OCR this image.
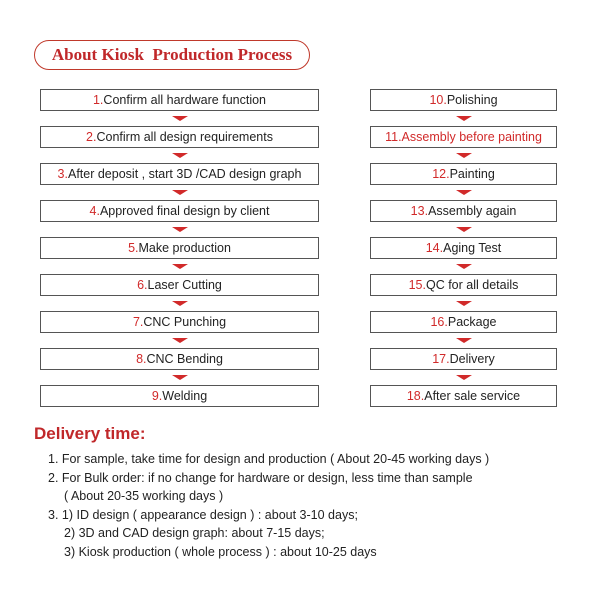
About Kiosk  Production Process
1. Confirm all hardware function
2. Confirm all design requirements
3. After deposit , start 3D /CAD design graph
4. Approved final design by client
5. Make production
6. Laser Cutting
7. CNC Punching
8. CNC Bending
9. Welding
10. Polishing
11. Assembly before painting
12. Painting
13. Assembly again
14. Aging Test
15. QC for all details
16. Package
17. Delivery
18. After sale service
Delivery time:
1. For sample, take time for design and production ( About 20-45 working days )
2. For Bulk order: if no change for hardware or design, less time than sample
( About 20-35 working days )
3. 1) ID design ( appearance design ) : about 3-10 days;
2) 3D and CAD design graph: about 7-15 days;
3) Kiosk production ( whole process ) : about 10-25 days
